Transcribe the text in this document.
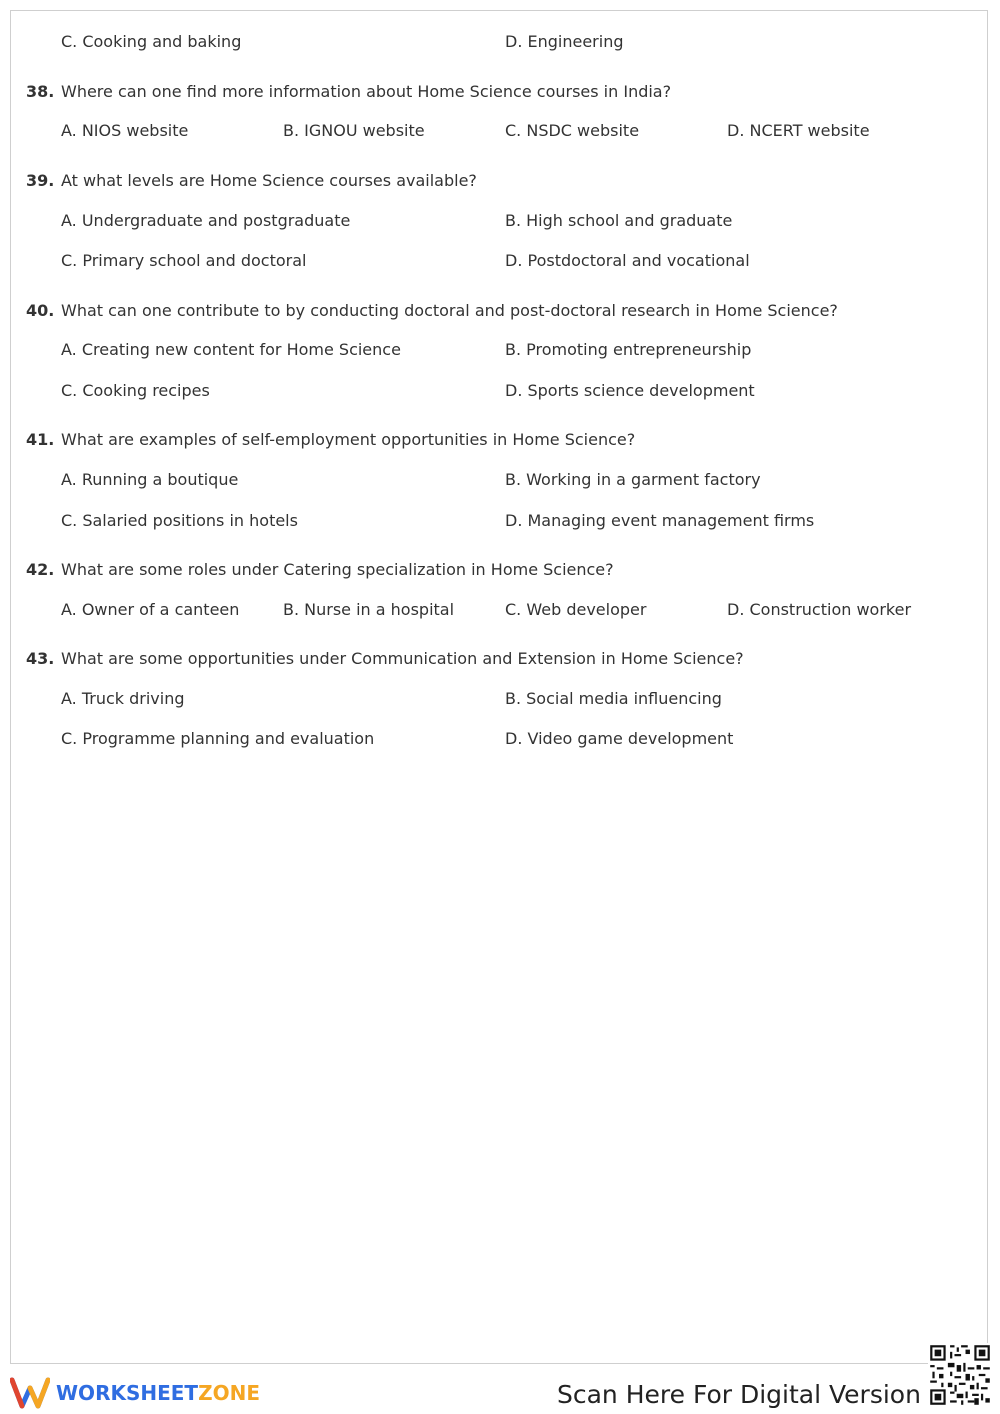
C. Cooking and baking	D. Engineering
38. Where can one find more information about Home Science courses in India?
A. NIOS website	B. IGNOU website	C. NSDC website	D. NCERT website
39. At what levels are Home Science courses available?
A. Undergraduate and postgraduate	B. High school and graduate
C. Primary school and doctoral	D. Postdoctoral and vocational
40. What can one contribute to by conducting doctoral and post-doctoral research in Home Science?
A. Creating new content for Home Science	B. Promoting entrepreneurship
C. Cooking recipes	D. Sports science development
41. What are examples of self-employment opportunities in Home Science?
A. Running a boutique	B. Working in a garment factory
C. Salaried positions in hotels	D. Managing event management firms
42. What are some roles under Catering specialization in Home Science?
A. Owner of a canteen	B. Nurse in a hospital	C. Web developer	D. Construction worker
43. What are some opportunities under Communication and Extension in Home Science?
A. Truck driving	B. Social media influencing
C. Programme planning and evaluation	D. Video game development
WORKSHEETZONE	Scan Here For Digital Version
